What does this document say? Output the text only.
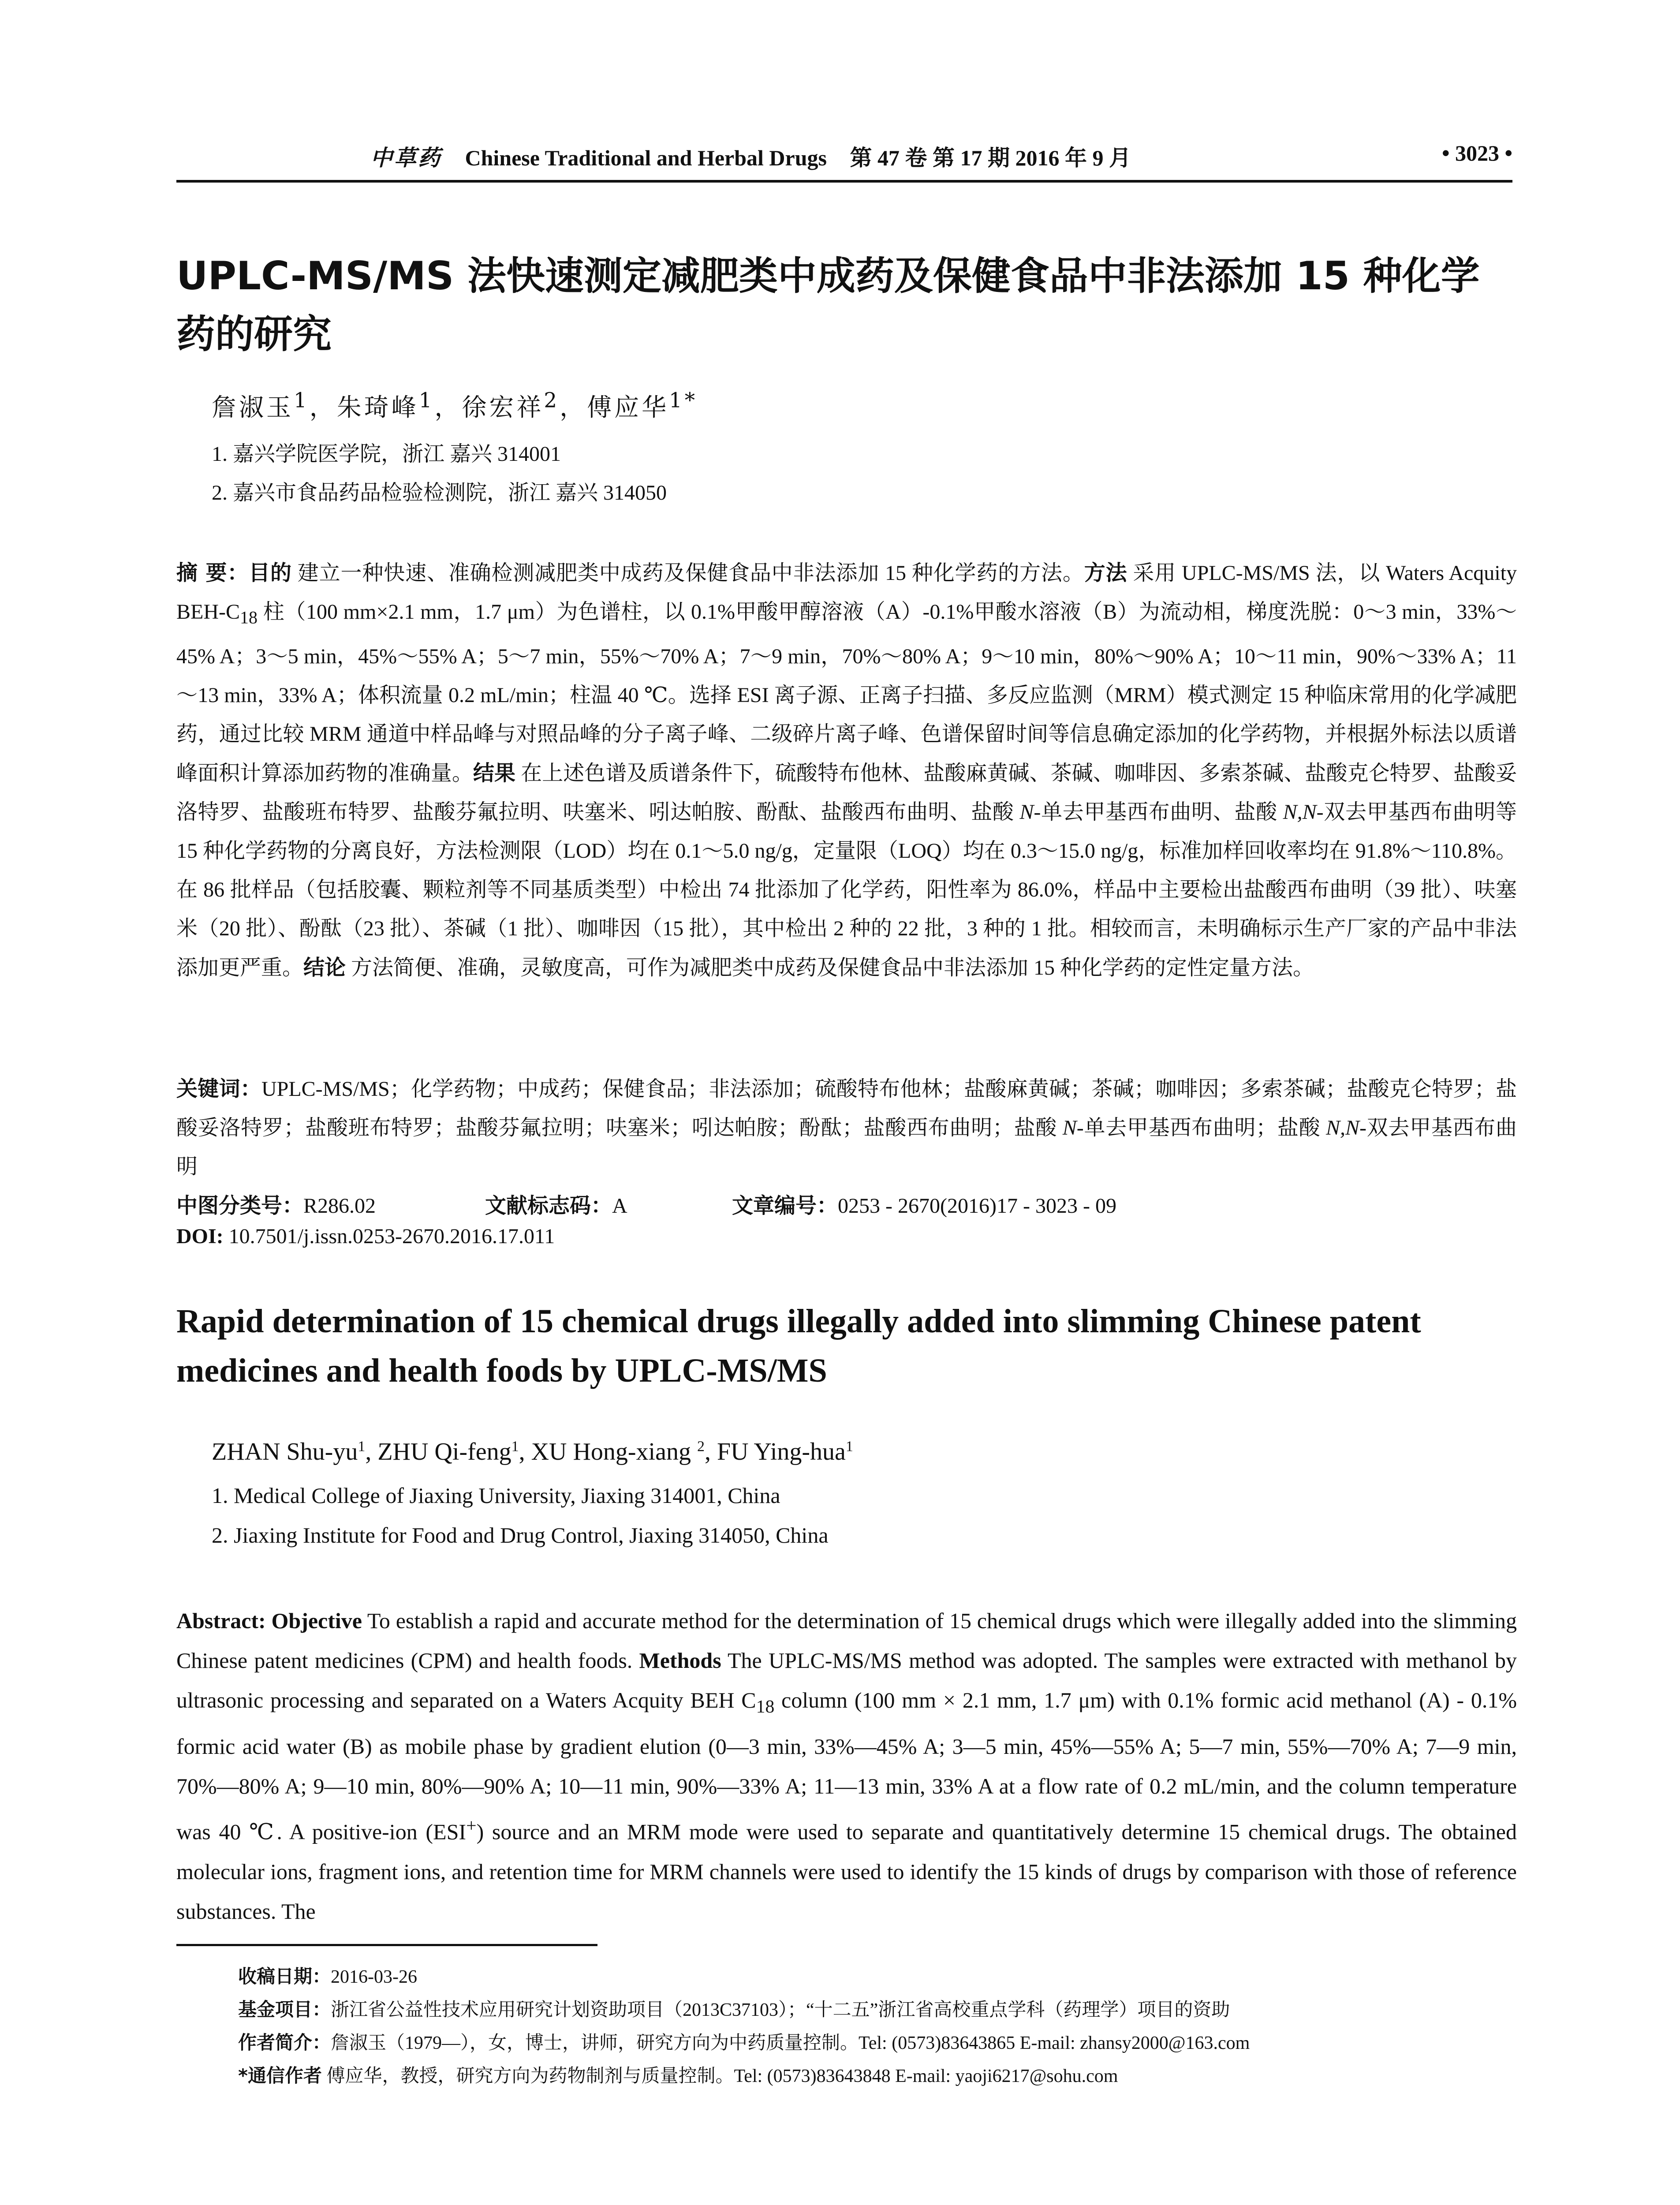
中草药 Chinese Traditional and Herbal Drugs 第 47 卷 第 17 期 2016 年 9 月	• 3023 •
UPLC-MS/MS 法快速测定减肥类中成药及保健食品中非法添加 15 种化学药的研究
詹淑玉$^1$，朱琦峰$^1$，徐宏祥$^2$，傅应华$^{1*}$
1. 嘉兴学院医学院，浙江 嘉兴 314001
2. 嘉兴市食品药品检验检测院，浙江 嘉兴 314050
摘 要：目的 建立一种快速、准确检测减肥类中成药及保健食品中非法添加 15 种化学药的方法。方法 采用 UPLC-MS/MS 法，以 Waters Acquity BEH-$C_{18}$ 柱（100 mm×2.1 mm，1.7 μm）为色谱柱，以 0.1%甲酸甲醇溶液（A）-0.1%甲酸水溶液（B）为流动相，梯度洗脱：0～3 min，33%～45% A；3～5 min，45%～55% A；5～7 min，55%～70% A；7～9 min，70%～80% A；9～10 min，80%～90% A；10～11 min，90%～33% A；11～13 min，33% A；体积流量 0.2 mL/min；柱温 40 ℃。选择 ESI 离子源、正离子扫描、多反应监测（MRM）模式测定 15 种临床常用的化学减肥药，通过比较 MRM 通道中样品峰与对照品峰的分子离子峰、二级碎片离子峰、色谱保留时间等信息确定添加的化学药物，并根据外标法以质谱峰面积计算添加药物的准确量。结果 在上述色谱及质谱条件下，硫酸特布他林、盐酸麻黄碱、茶碱、咖啡因、多索茶碱、盐酸克仑特罗、盐酸妥洛特罗、盐酸班布特罗、盐酸芬氟拉明、呋塞米、吲达帕胺、酚酞、盐酸西布曲明、盐酸 N-单去甲基西布曲明、盐酸 N,N-双去甲基西布曲明等 15 种化学药物的分离良好，方法检测限（LOD）均在 0.1～5.0 ng/g，定量限（LOQ）均在 0.3～15.0 ng/g，标准加样回收率均在 91.8%～110.8%。在 86 批样品（包括胶囊、颗粒剂等不同基质类型）中检出 74 批添加了化学药，阳性率为 86.0%，样品中主要检出盐酸西布曲明（39 批）、呋塞米（20 批）、酚酞（23 批）、茶碱（1 批）、咖啡因（15 批），其中检出 2 种的 22 批，3 种的 1 批。相较而言，未明确标示生产厂家的产品中非法添加更严重。结论 方法简便、准确，灵敏度高，可作为减肥类中成药及保健食品中非法添加 15 种化学药的定性定量方法。
关键词：UPLC-MS/MS；化学药物；中成药；保健食品；非法添加；硫酸特布他林；盐酸麻黄碱；茶碱；咖啡因；多索茶碱；盐酸克仑特罗；盐酸妥洛特罗；盐酸班布特罗；盐酸芬氟拉明；呋塞米；吲达帕胺；酚酞；盐酸西布曲明；盐酸 N-单去甲基西布曲明；盐酸 N,N-双去甲基西布曲明
中图分类号：R286.02	文献标志码：A	文章编号：0253 - 2670(2016)17 - 3023 - 09
DOI: 10.7501/j.issn.0253-2670.2016.17.011
Rapid determination of 15 chemical drugs illegally added into slimming Chinese patent medicines and health foods by UPLC-MS/MS
ZHAN Shu-$yu^1$, ZHU Qi-feng$^1$, XU Hong-xiang $^2$, FU Ying-hua$^1$
1. Medical College of Jiaxing University, Jiaxing 314001, China
2. Jiaxing Institute for Food and Drug Control, Jiaxing 314050, China
Abstract: Objective To establish a rapid and accurate method for the determination of 15 chemical drugs which were illegally added into the slimming Chinese patent medicines (CPM) and health foods. Methods The UPLC-MS/MS method was adopted. The samples were extracted with methanol by ultrasonic processing and separated on a Waters Acquity BEH $C_{18}$ column (100 mm × 2.1 mm, 1.7 μm) with 0.1% formic acid methanol (A) - 0.1% formic acid water (B) as mobile phase by gradient elution (0—3 min, 33%—45% A; 3—5 min, 45%—55% A; 5—7 min, 55%—70% A; 7—9 min, 70%—80% A; 9—10 min, 80%—90% A; 10—11 min, 90%—33% A; 11—13 min, 33% A at a flow rate of 0.2 mL/min, and the column temperature was 40 ℃. A positive-ion (ESI+) source and an MRM mode were used to separate and quantitatively determine 15 chemical drugs. The obtained molecular ions, fragment ions, and retention time for MRM channels were used to identify the 15 kinds of drugs by comparison with those of reference substances. The
收稿日期：2016-03-26
基金项目：浙江省公益性技术应用研究计划资助项目（2013C37103）；“十二五”浙江省高校重点学科（药理学）项目的资助
作者简介：詹淑玉（1979—），女，博士，讲师，研究方向为中药质量控制。Tel: (0573)83643865 E-mail: zhansy2000@163.com
*通信作者 傅应华，教授，研究方向为药物制剂与质量控制。Tel: (0573)83643848 E-mail: yaoji6217@sohu.com
